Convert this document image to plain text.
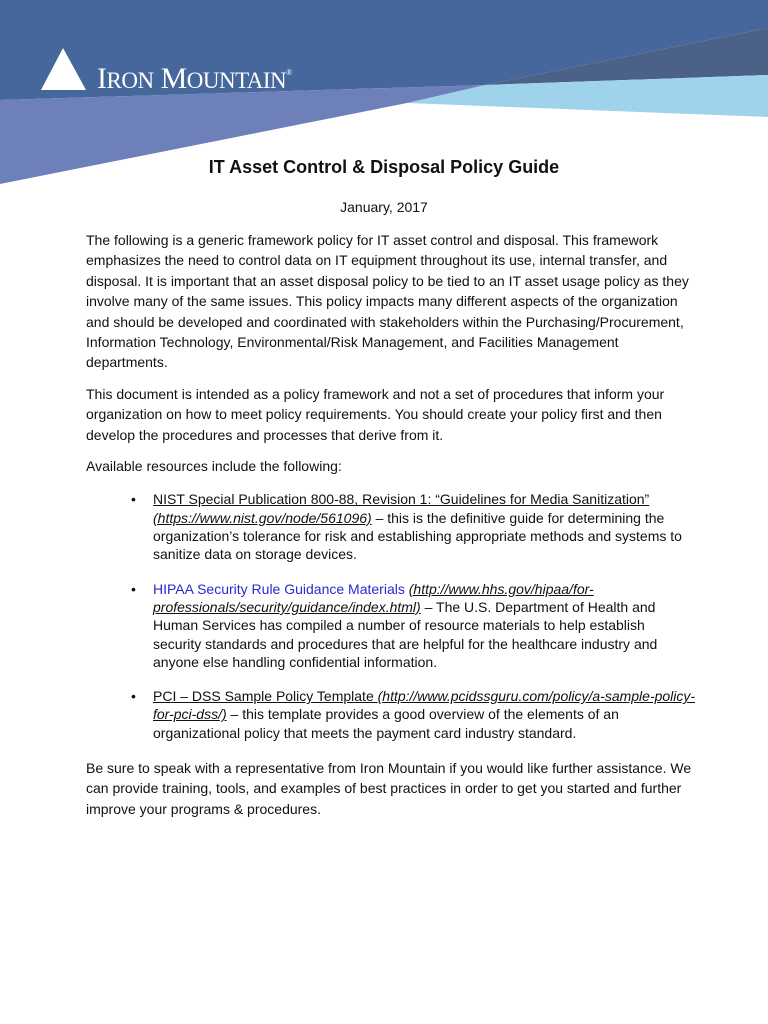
IRON MOUNTAIN®
IT Asset Control & Disposal Policy Guide
January, 2017

The following is a generic framework policy for IT asset control and disposal. This framework emphasizes the need to control data on IT equipment throughout its use, internal transfer, and disposal. It is important that an asset disposal policy to be tied to an IT asset usage policy as they involve many of the same issues. This policy impacts many different aspects of the organization and should be developed and coordinated with stakeholders within the Purchasing/Procurement, Information Technology, Environmental/Risk Management, and Facilities Management departments.

This document is intended as a policy framework and not a set of procedures that inform your organization on how to meet policy requirements. You should create your policy first and then develop the procedures and processes that derive from it.

Available resources include the following:

• NIST Special Publication 800-88, Revision 1: “Guidelines for Media Sanitization” (https://www.nist.gov/node/561096) – this is the definitive guide for determining the organization’s tolerance for risk and establishing appropriate methods and systems to sanitize data on storage devices.
• HIPAA Security Rule Guidance Materials (http://www.hhs.gov/hipaa/for-professionals/security/guidance/index.html) – The U.S. Department of Health and Human Services has compiled a number of resource materials to help establish security standards and procedures that are helpful for the healthcare industry and anyone else handling confidential information.
• PCI – DSS Sample Policy Template (http://www.pcidssguru.com/policy/a-sample-policy-for-pci-dss/) – this template provides a good overview of the elements of an organizational policy that meets the payment card industry standard.

Be sure to speak with a representative from Iron Mountain if you would like further assistance. We can provide training, tools, and examples of best practices in order to get you started and further improve your programs & procedures.
